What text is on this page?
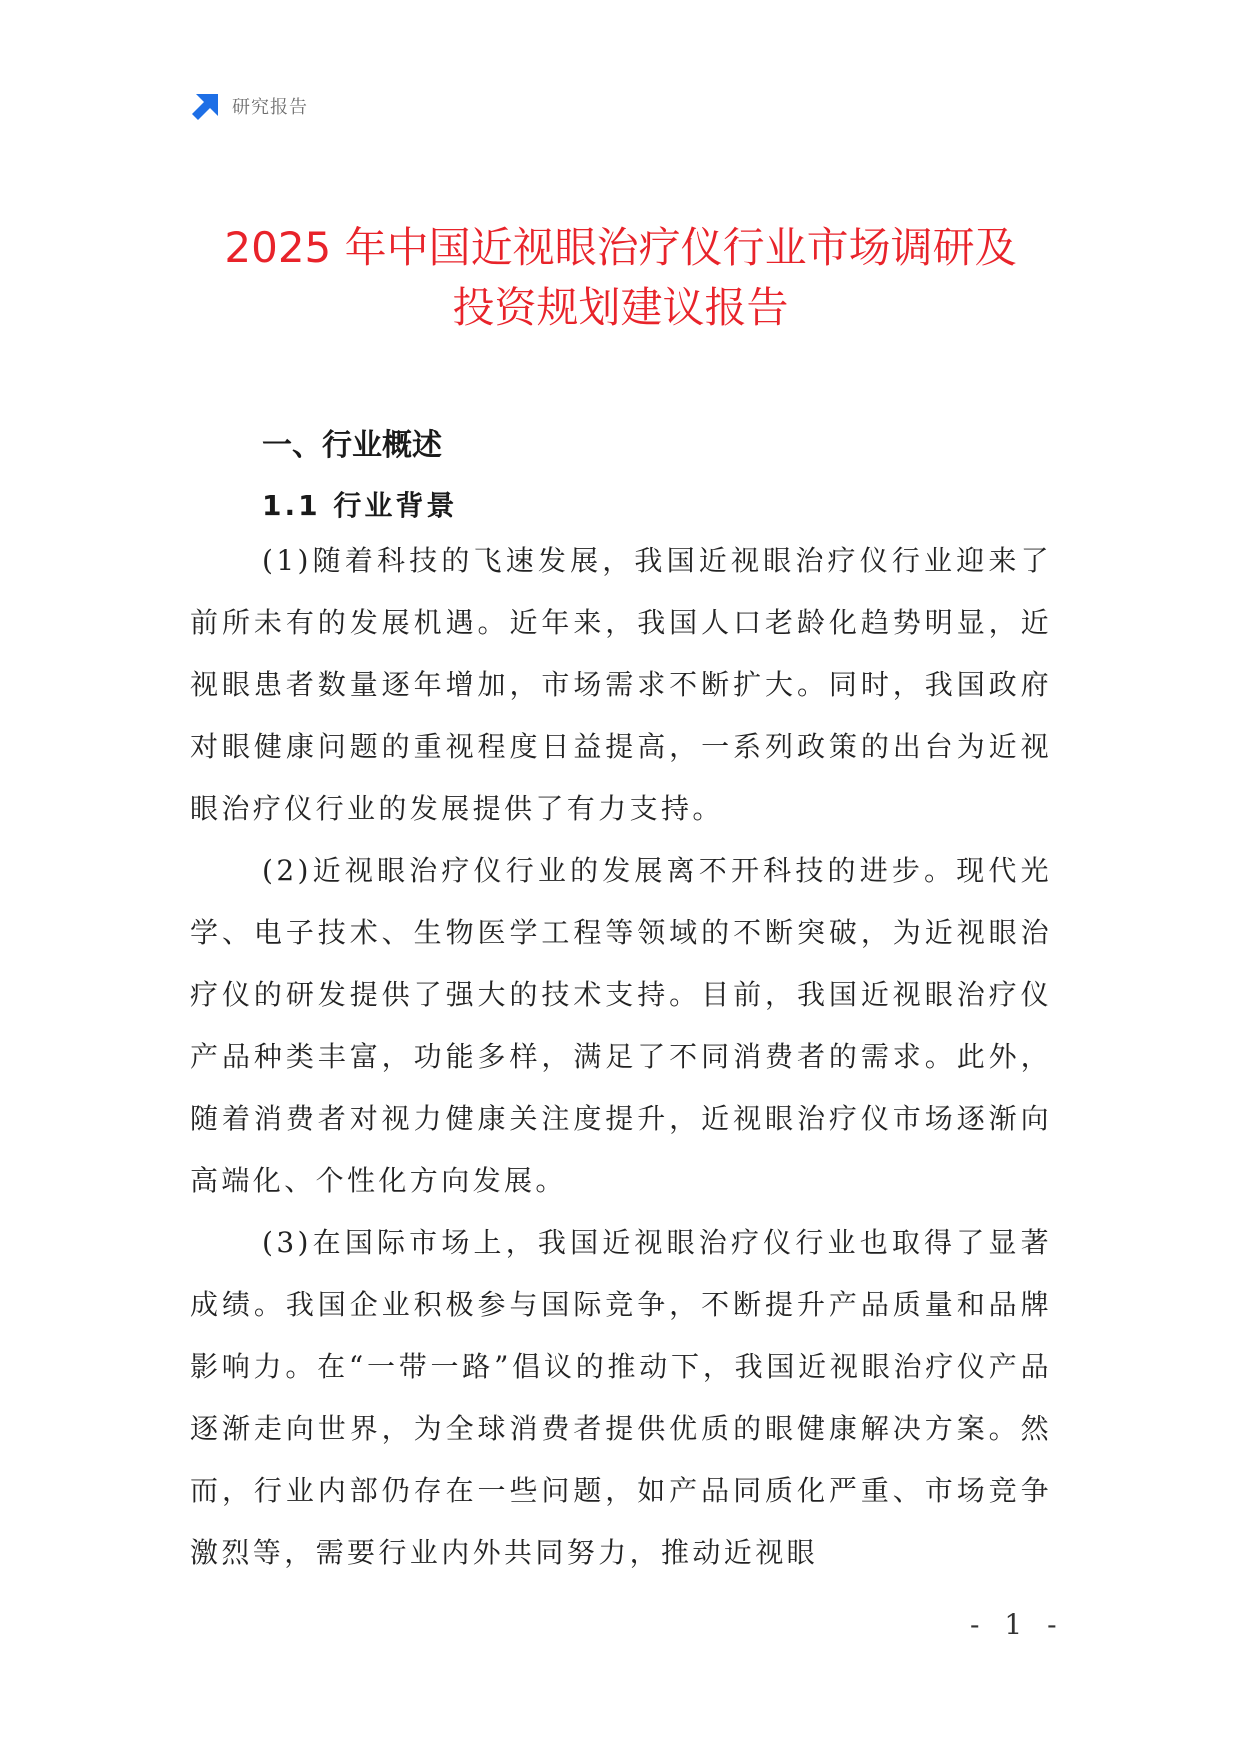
研究报告
2025 年中国近视眼治疗仪行业市场调研及
投资规划建议报告
一、行业概述
1.1 行业背景

(1)随着科技的飞速发展，我国近视眼治疗仪行业迎来了前所未有的发展机遇。近年来，我国人口老龄化趋势明显，近视眼患者数量逐年增加，市场需求不断扩大。同时，我国政府对眼健康问题的重视程度日益提高，一系列政策的出台为近视眼治疗仪行业的发展提供了有力支持。

(2)近视眼治疗仪行业的发展离不开科技的进步。现代光学、电子技术、生物医学工程等领域的不断突破，为近视眼治疗仪的研发提供了强大的技术支持。目前，我国近视眼治疗仪产品种类丰富，功能多样，满足了不同消费者的需求。此外，随着消费者对视力健康关注度提升，近视眼治疗仪市场逐渐向高端化、个性化方向发展。

(3)在国际市场上，我国近视眼治疗仪行业也取得了显著成绩。我国企业积极参与国际竞争，不断提升产品质量和品牌影响力。在“一带一路”倡议的推动下，我国近视眼治疗仪产品逐渐走向世界，为全球消费者提供优质的眼健康解决方案。然而，行业内部仍存在一些问题，如产品同质化严重、市场竞争激烈等，需要行业内外共同努力，推动近视眼

- 1 -
